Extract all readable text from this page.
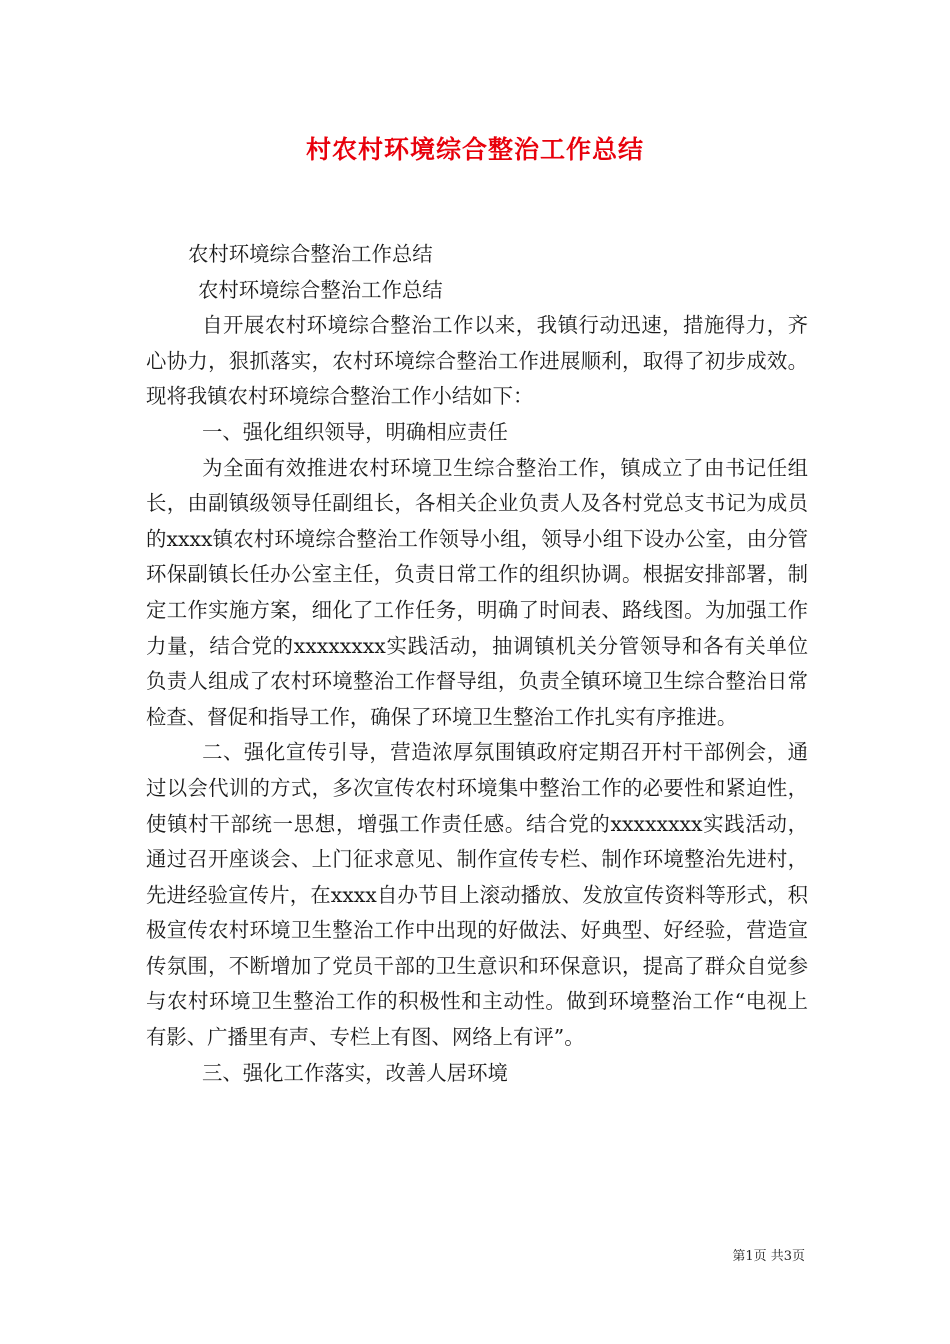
村农村环境综合整治工作总结

农村环境综合整治工作总结

农村环境综合整治工作总结

自开展农村环境综合整治工作以来，我镇行动迅速，措施得力，齐心协力，狠抓落实，农村环境综合整治工作进展顺利，取得了初步成效。现将我镇农村环境综合整治工作小结如下：

一、强化组织领导，明确相应责任

为全面有效推进农村环境卫生综合整治工作，镇成立了由书记任组长，由副镇级领导任副组长，各相关企业负责人及各村党总支书记为成员的xxxx镇农村环境综合整治工作领导小组，领导小组下设办公室，由分管环保副镇长任办公室主任，负责日常工作的组织协调。根据安排部署，制定工作实施方案，细化了工作任务，明确了时间表、路线图。为加强工作力量，结合党的xxxxxxxx实践活动，抽调镇机关分管领导和各有关单位负责人组成了农村环境整治工作督导组，负责全镇环境卫生综合整治日常检查、督促和指导工作，确保了环境卫生整治工作扎实有序推进。

二、强化宣传引导，营造浓厚氛围镇政府定期召开村干部例会，通过以会代训的方式，多次宣传农村环境集中整治工作的必要性和紧迫性，使镇村干部统一思想，增强工作责任感。结合党的xxxxxxxx实践活动，通过召开座谈会、上门征求意见、制作宣传专栏、制作环境整治先进村，先进经验宣传片，在xxxx自办节目上滚动播放、发放宣传资料等形式，积极宣传农村环境卫生整治工作中出现的好做法、好典型、好经验，营造宣传氛围，不断增加了党员干部的卫生意识和环保意识，提高了群众自觉参与农村环境卫生整治工作的积极性和主动性。做到环境整治工作“电视上有影、广播里有声、专栏上有图、网络上有评”。

三、强化工作落实，改善人居环境

第1页 共3页
